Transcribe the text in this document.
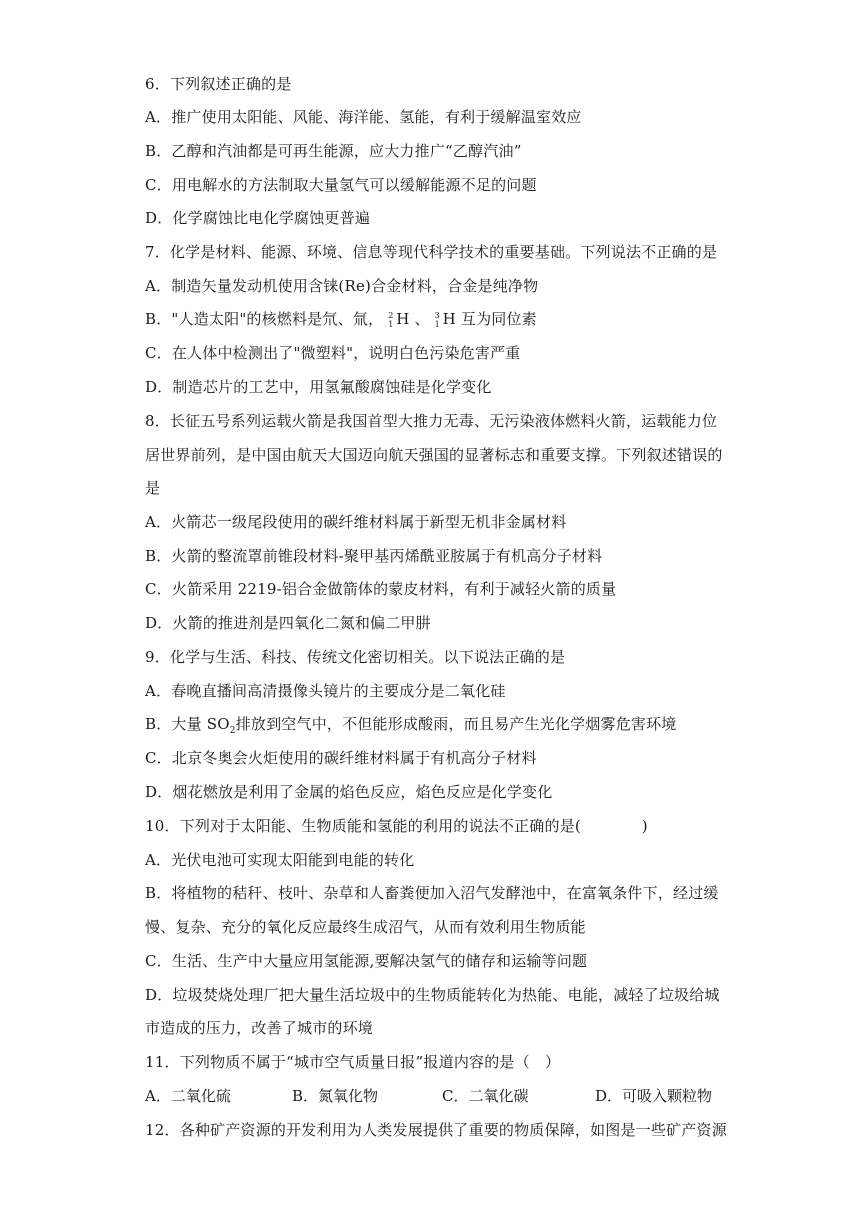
6．下列叙述正确的是
A．推广使用太阳能、风能、海洋能、氢能，有利于缓解温室效应
B．乙醇和汽油都是可再生能源，应大力推广“乙醇汽油”
C．用电解水的方法制取大量氢气可以缓解能源不足的问题
D．化学腐蚀比电化学腐蚀更普遍
7．化学是材料、能源、环境、信息等现代科学技术的重要基础。下列说法不正确的是
A．制造矢量发动机使用含铼(Re)合金材料，合金是纯净物
B．"人造太阳"的核燃料是氘、氚， 2
1 H 、 3
1 H 互为同位素
C．在人体中检测出了"微塑料"，说明白色污染危害严重
D．制造芯片的工艺中，用氢氟酸腐蚀硅是化学变化
8．长征五号系列运载火箭是我国首型大推力无毒、无污染液体燃料火箭，运载能力位
居世界前列，是中国由航天大国迈向航天强国的显著标志和重要支撑。下列叙述错误的
是
A．火箭芯一级尾段使用的碳纤维材料属于新型无机非金属材料
B．火箭的整流罩前锥段材料-聚甲基丙烯酰亚胺属于有机高分子材料
C．火箭采用 2219-铝合金做箭体的蒙皮材料，有利于减轻火箭的质量
D．火箭的推进剂是四氧化二氮和偏二甲肼
9．化学与生活、科技、传统文化密切相关。以下说法正确的是
A．春晚直播间高清摄像头镜片的主要成分是二氧化硅
B．大量 $SO_2$排放到空气中，不但能形成酸雨，而且易产生光化学烟雾危害环境
C．北京冬奥会火炬使用的碳纤维材料属于有机高分子材料
D．烟花燃放是利用了金属的焰色反应，焰色反应是化学变化
10．下列对于太阳能、生物质能和氢能的利用的说法不正确的是(　　　　)
A．光伏电池可实现太阳能到电能的转化
B．将植物的秸秆、枝叶、杂草和人畜粪便加入沼气发酵池中，在富氧条件下，经过缓
慢、复杂、充分的氧化反应最终生成沼气，从而有效利用生物质能
C．生活、生产中大量应用氢能源,要解决氢气的储存和运输等问题
D．垃圾焚烧处理厂把大量生活垃圾中的生物质能转化为热能、电能，减轻了垃圾给城
市造成的压力，改善了城市的环境
11．下列物质不属于“城市空气质量日报”报道内容的是（　）
A．二氧化硫	B．氮氧化物	C．二氧化碳	D．可吸入颗粒物
12．各种矿产资源的开发利用为人类发展提供了重要的物质保障，如图是一些矿产资源
